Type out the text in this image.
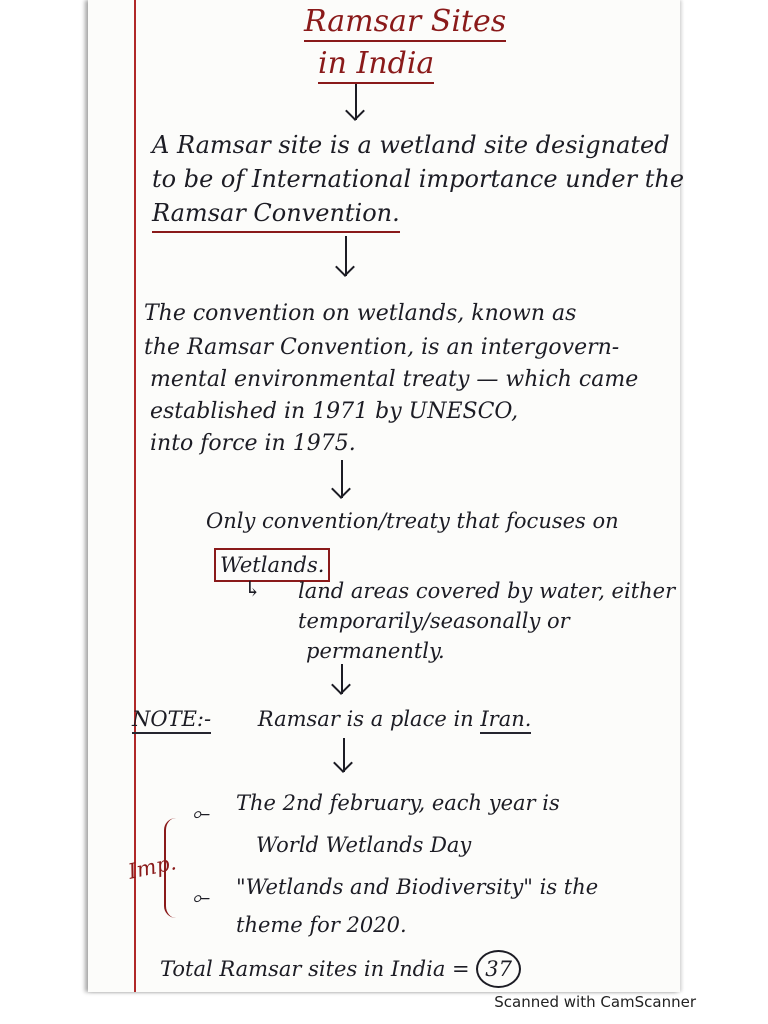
Ramsar Sites
in India
A Ramsar site is a wetland site designated
to be of International importance under the
Ramsar Convention.
The convention on wetlands, known as
the Ramsar Convention, is an intergovern-
mental environmental treaty — which came
established in 1971 by UNESCO,
into force in 1975.
Only convention/treaty that focuses on
Wetlands.
↳ land areas covered by water, either
temporarily/seasonally or
permanently.
NOTE:- Ramsar is a place in Iran.
Imp.
⟜ The 2nd february, each year is
World Wetlands Day
⟜ "Wetlands and Biodiversity" is the
theme for 2020.
Total Ramsar sites in India = 37
Scanned with CamScanner
